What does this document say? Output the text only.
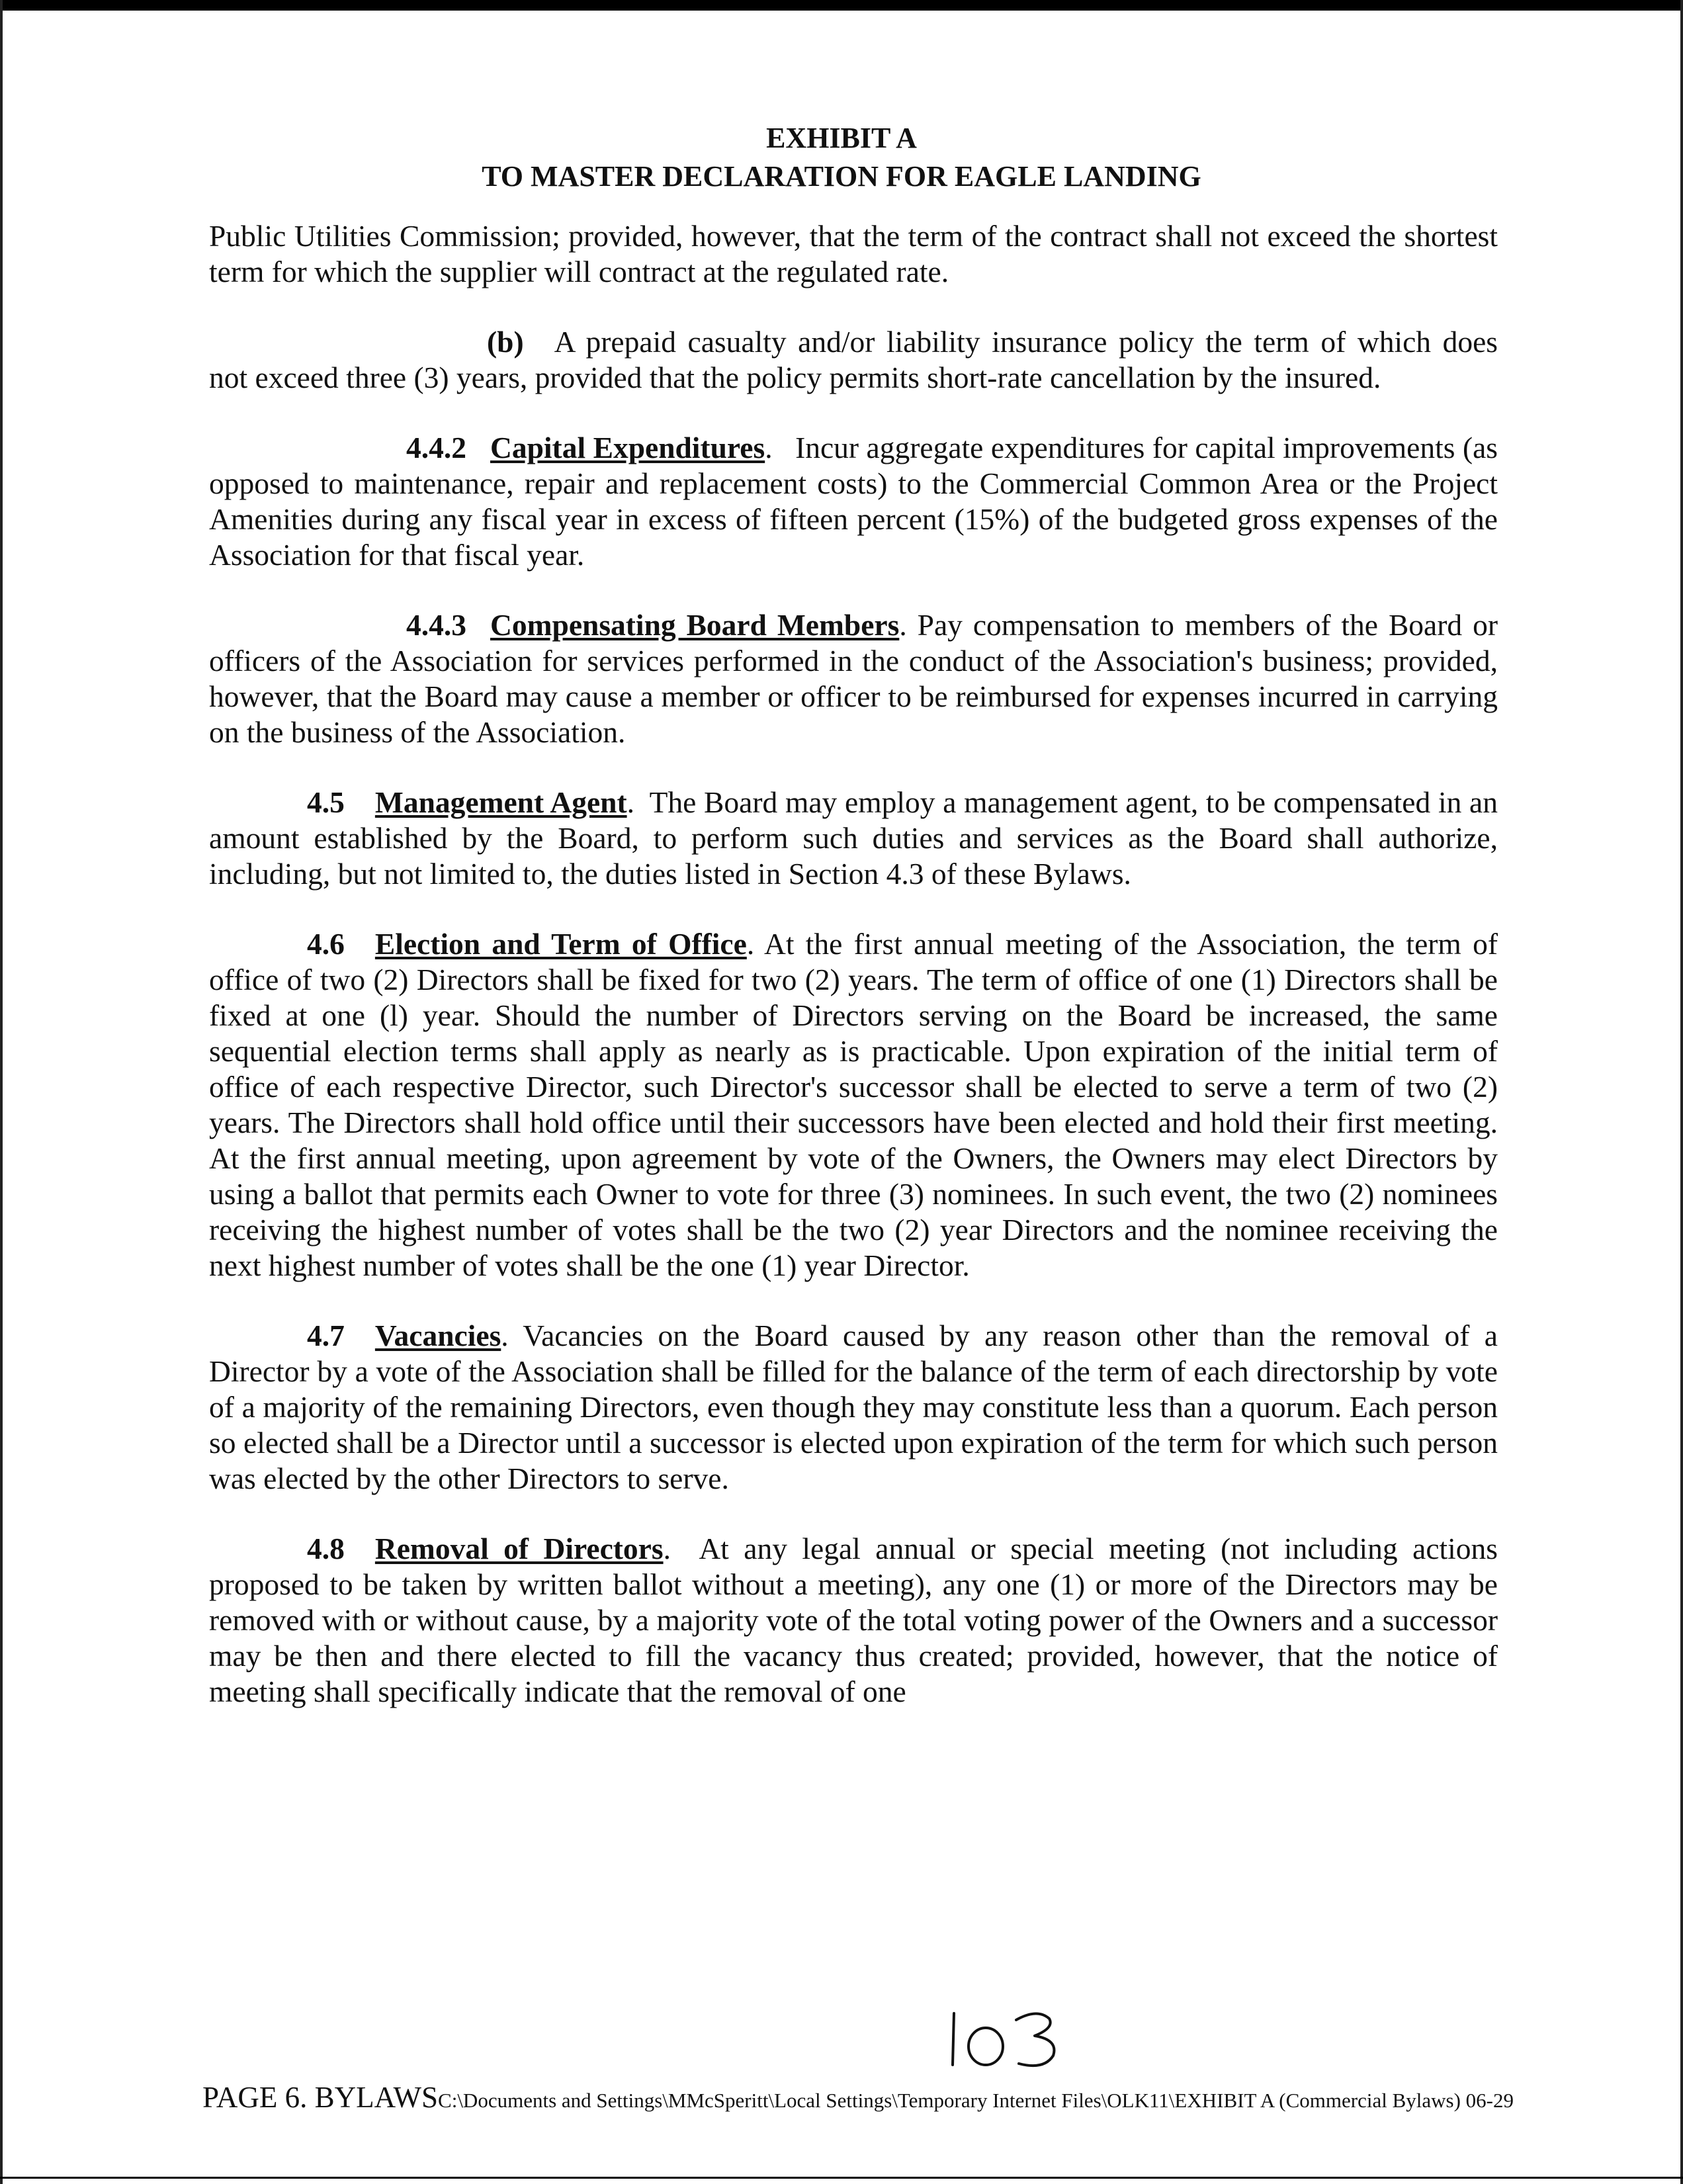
EXHIBIT A
TO MASTER DECLARATION FOR EAGLE LANDING

Public Utilities Commission; provided, however, that the term of the contract shall not exceed the shortest term for which the supplier will contract at the regulated rate.

(b) A prepaid casualty and/or liability insurance policy the term of which does not exceed three (3) years, provided that the policy permits short-rate cancellation by the insured.

4.4.2 Capital Expenditures.   Incur aggregate expenditures for capital improvements (as opposed to maintenance, repair and replacement costs) to the Commercial Common Area or the Project Amenities during any fiscal year in excess of fifteen percent (15%) of the budgeted gross expenses of the Association for that fiscal year.

4.4.3 Compensating Board Members. Pay compensation to members of the Board or officers of the Association for services performed in the conduct of the Association's business; provided, however, that the Board may cause a member or officer to be reimbursed for expenses incurred in carrying on the business of the Association.

4.5 Management Agent.  The Board may employ a management agent, to be compensated in an amount established by the Board, to perform such duties and services as the Board shall authorize, including, but not limited to, the duties listed in Section 4.3 of these Bylaws.

4.6 Election and Term of Office. At the first annual meeting of the Association, the term of office of two (2) Directors shall be fixed for two (2) years. The term of office of one (1) Directors shall be fixed at one (l) year. Should the number of Directors serving on the Board be increased, the same sequential election terms shall apply as nearly as is practicable. Upon expiration of the initial term of office of each respective Director, such Director's successor shall be elected to serve a term of two (2) years. The Directors shall hold office until their successors have been elected and hold their first meeting. At the first annual meeting, upon agreement by vote of the Owners, the Owners may elect Directors by using a ballot that permits each Owner to vote for three (3) nominees. In such event, the two (2) nominees receiving the highest number of votes shall be the two (2) year Directors and the nominee receiving the next highest number of votes shall be the one (1) year Director.

4.7 Vacancies. Vacancies on the Board caused by any reason other than the removal of a Director by a vote of the Association shall be filled for the balance of the term of each directorship by vote of a majority of the remaining Directors, even though they may constitute less than a quorum. Each person so elected shall be a Director until a successor is elected upon expiration of the term for which such person was elected by the other Directors to serve.

4.8 Removal of Directors.  At any legal annual or special meeting (not including actions proposed to be taken by written ballot without a meeting), any one (1) or more of the Directors may be removed with or without cause, by a majority vote of the total voting power of the Owners and a successor may be then and there elected to fill the vacancy thus created; provided, however, that the notice of meeting shall specifically indicate that the removal of one

PAGE 6. BYLAWSC:\Documents and Settings\MMcSperitt\Local Settings\Temporary Internet Files\OLK11\EXHIBIT A (Commercial Bylaws) 06-29
